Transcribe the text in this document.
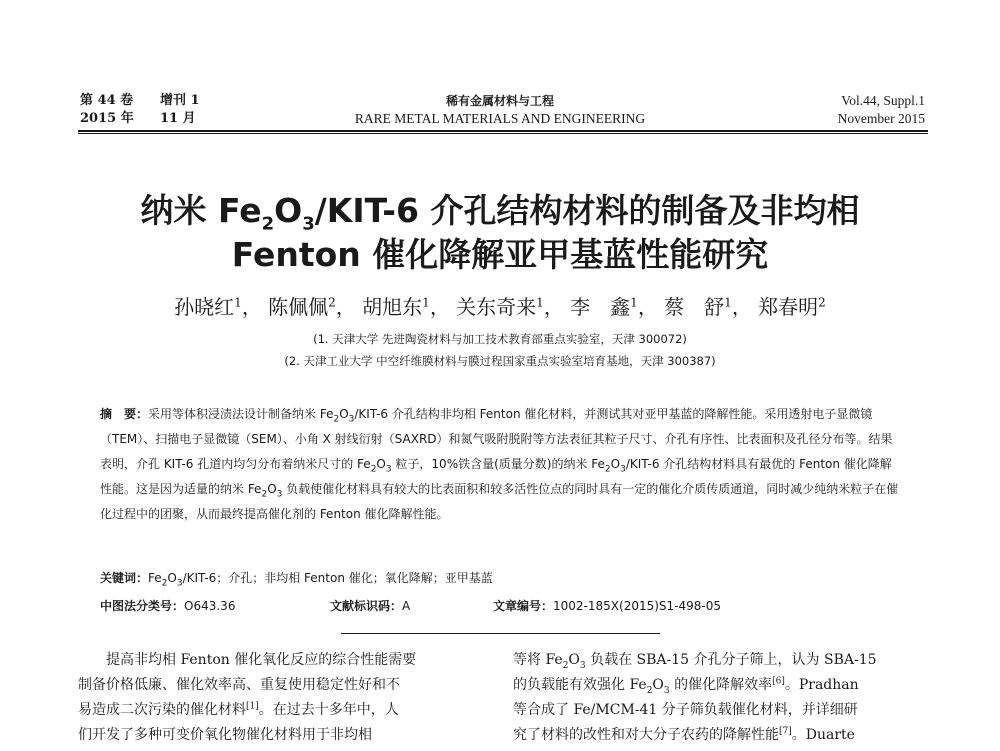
第 44 卷 增刊 1
2015 年 11 月
稀有金属材料与工程
RARE METAL MATERIALS AND ENGINEERING
Vol.44, Suppl.1
November 2015
纳米 $Fe_2O_3/KIT-6$ 介孔结构材料的制备及非均相
Fenton 催化降解亚甲基蓝性能研究
孙晓红$^1$， 陈佩佩$^2$， 胡旭东$^1$， 关东奇来$^1$， 李　鑫$^1$， 蔡　舒$^1$， 郑春明$^2$
(1. 天津大学 先进陶瓷材料与加工技术教育部重点实验室，天津 300072)
(2. 天津工业大学 中空纤维膜材料与膜过程国家重点实验室培育基地，天津 300387)
摘　要：采用等体积浸渍法设计制备纳米 $Fe_2O_3/KIT-6$ 介孔结构非均相 Fenton 催化材料，并测试其对亚甲基蓝的降解性能。采用透射电子显微镜（TEM）、扫描电子显微镜（SEM）、小角 X 射线衍射（SAXRD）和氮气吸附脱附等方法表征其粒子尺寸、介孔有序性、比表面积及孔径分布等。结果表明，介孔 KIT-6 孔道内均匀分布着纳米尺寸的 $Fe_2O_3$ 粒子，10%铁含量(质量分数)的纳米 $Fe_2O_3/KIT-6$ 介孔结构材料具有最优的 Fenton 催化降解性能。这是因为适量的纳米 $Fe_2O_3$ 负载使催化材料具有较大的比表面积和较多活性位点的同时具有一定的催化介质传质通道，同时减少纯纳米粒子在催化过程中的团聚，从而最终提高催化剂的 Fenton 催化降解性能。
关键词：$Fe_2O_3/KIT-6$；介孔；非均相 Fenton 催化；氧化降解；亚甲基蓝
中图法分类号：O643.36	文献标识码：A	文章编号：1002-185X(2015)S1-498-05

　　提高非均相 Fenton 催化氧化反应的综合性能需要

制备价格低廉、催化效率高、重复使用稳定性好和不

易造成二次污染的催化材料[1]。在过去十多年中，人

们开发了多种可变价氧化物催化材料用于非均相

等将 $Fe_2O_3$ 负载在 SBA-15 介孔分子筛上，认为 SBA-15

的负载能有效强化 $Fe_2O_3$ 的催化降解效率[6]。Pradhan

等合成了 Fe/MCM-41 分子筛负载催化材料，并详细研

究了材料的改性和对大分子农药的降解性能[7]。Duarte
